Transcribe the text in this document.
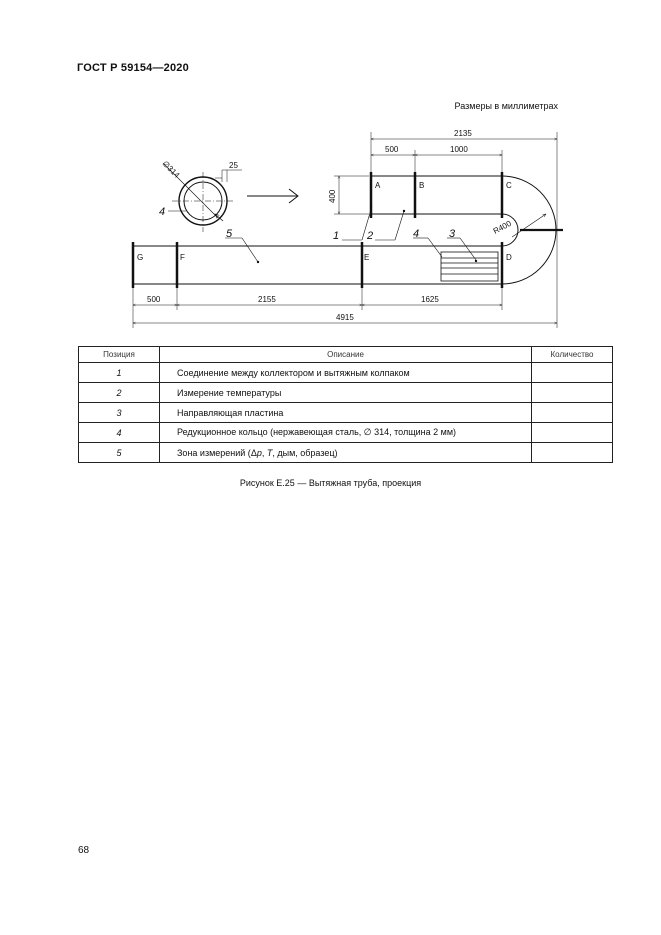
ГОСТ Р 59154—2020
Размеры в миллиметрах
∅314	25
4
R400
A	B	C
D
E
F
G
2135
500	1000
400
500	2155	1625
4915
1	2	4	3
5
Позиция	Описание	Количество
1	Соединение между коллектором и вытяжным колпаком	
2	Измерение температуры	
3	Направляющая пластина	
4	Редукционное кольцо (нержавеющая сталь, ∅ 314, толщина 2 мм)	
5	Зона измерений (Δp, T, дым, образец)	
Рисунок Е.25 — Вытяжная труба, проекция
68
